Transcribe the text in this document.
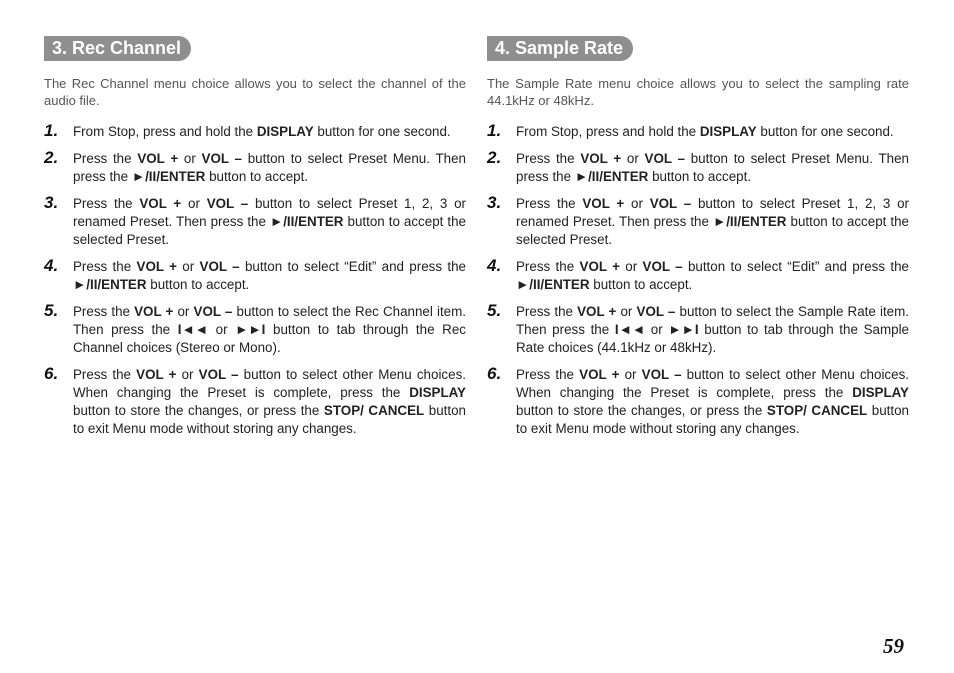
3. Rec Channel

The Rec Channel menu choice allows you to select the channel of the audio file.

1. From Stop, press and hold the DISPLAY button for one second.
2. Press the VOL + or VOL – button to select Preset Menu. Then press the ►/II/ENTER button to accept.
3. Press the VOL + or VOL – button to select Preset 1, 2, 3 or renamed Preset. Then press the ►/II/ENTER button to accept the selected Preset.
4. Press the VOL + or VOL – button to select “Edit” and press the ►/II/ENTER button to accept.
5. Press the VOL + or VOL – button to select the Rec Channel item. Then press the I◄◄ or ►►I button to tab through the Rec Channel choices (Stereo or Mono).
6. Press the VOL + or VOL – button to select other Menu choices. When changing the Preset is complete, press the DISPLAY button to store the changes, or press the STOP/ CANCEL button to exit Menu mode without storing any changes.
4. Sample Rate

The Sample Rate menu choice allows you to select the sampling rate 44.1kHz or 48kHz.

1. From Stop, press and hold the DISPLAY button for one second.
2. Press the VOL + or VOL – button to select Preset Menu. Then press the ►/II/ENTER button to accept.
3. Press the VOL + or VOL – button to select Preset 1, 2, 3 or renamed Preset. Then press the ►/II/ENTER button to accept the selected Preset.
4. Press the VOL + or VOL – button to select “Edit” and press the ►/II/ENTER button to accept.
5. Press the VOL + or VOL – button to select the Sample Rate item. Then press the I◄◄ or ►►I button to tab through the Sample Rate choices (44.1kHz or 48kHz).
6. Press the VOL + or VOL – button to select other Menu choices. When changing the Preset is complete, press the DISPLAY button to store the changes, or press the STOP/ CANCEL button to exit Menu mode without storing any changes.
59
